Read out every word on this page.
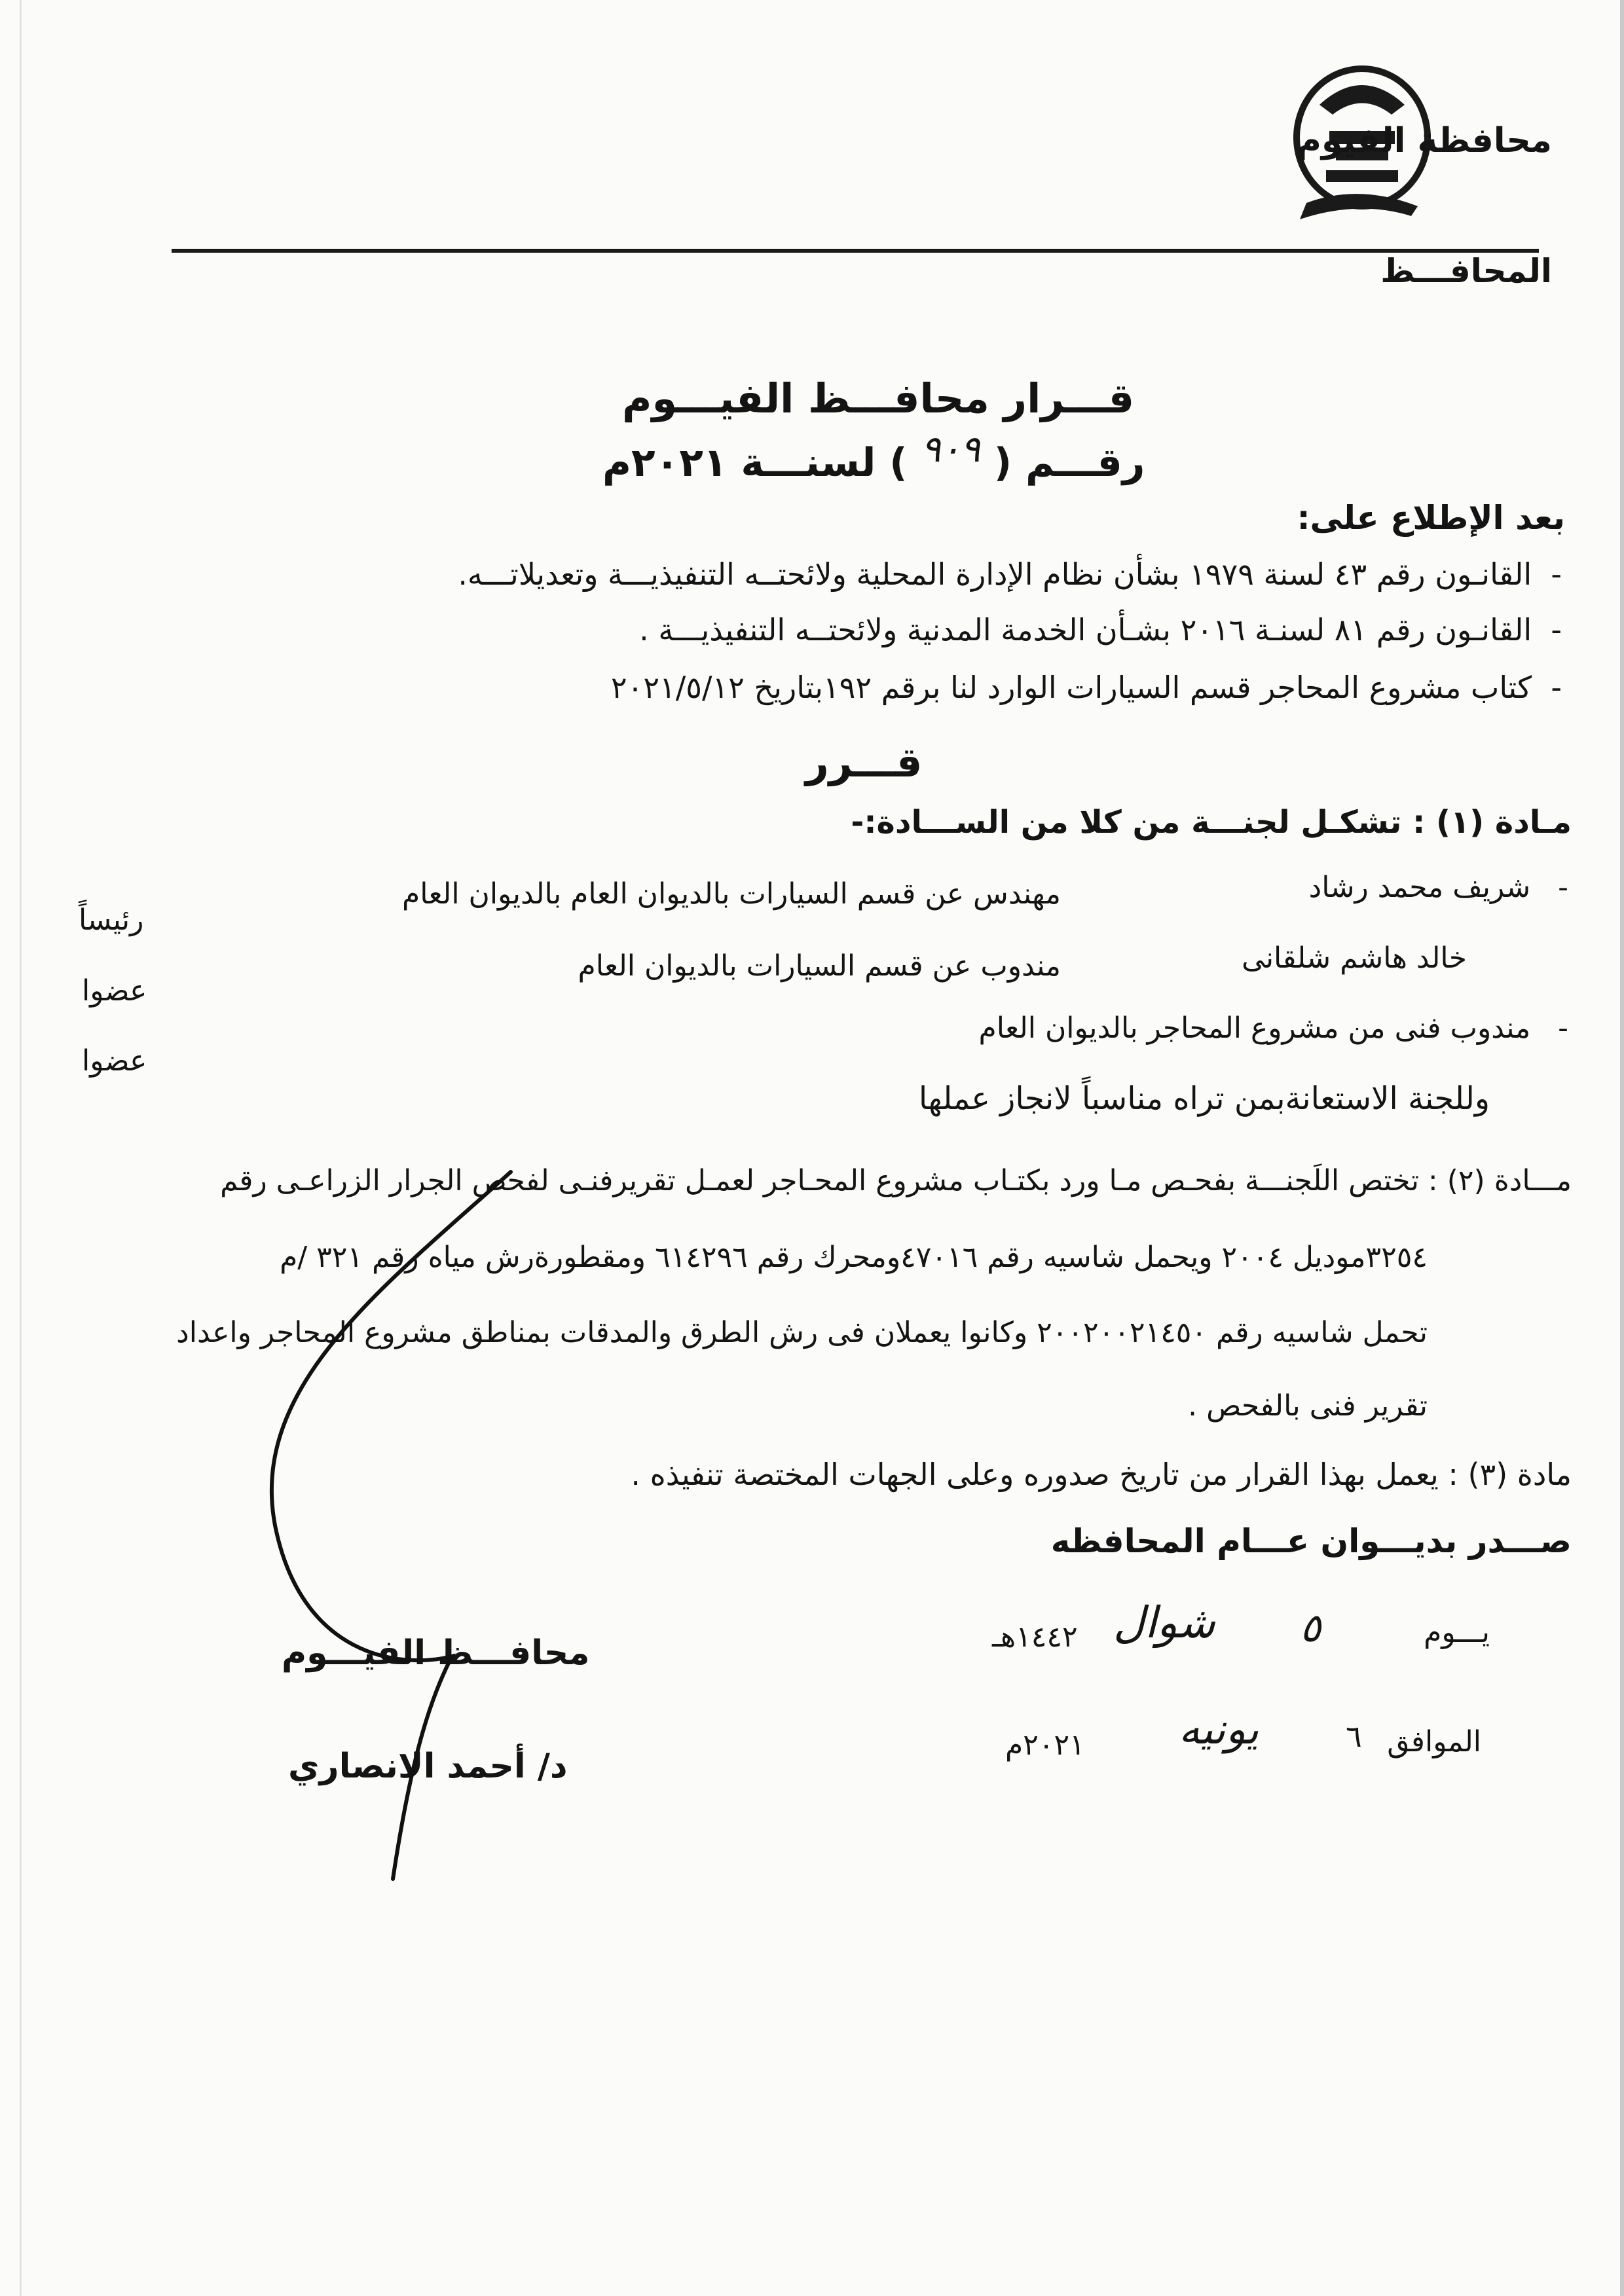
محافظة الفيوم
المحافـــظ
قـــرار محافـــظ الفيـــوم
رقـــم ( ٩٠٩ ) لسنـــة ٢٠٢١م
بعد الإطلاع على:
-  القانـون رقم ٤٣ لسنة ١٩٧٩ بشأن نظام الإدارة المحلية ولائحتــه التنفيذيـــة وتعديلاتـــه.
-  القانـون رقم ٨١ لسنـة ٢٠١٦ بشـأن الخدمة المدنية ولائحتــه التنفيذيـــة .
-  كتاب مشروع المحاجر قسم السيارات الوارد لنا برقم ١٩٢بتاريخ ٢٠٢١/٥/١٢
قـــرر
مـادة (١) : تشكـل لجنـــة من كلا من الســـادة:-
-   شريف محمد رشاد
مهندس عن قسم السيارات بالديوان العام بالديوان العام
رئيساً
خالد هاشم شلقانى
مندوب عن قسم السيارات بالديوان العام
عضوا
-   مندوب فنى من مشروع المحاجر بالديوان العام
عضوا
وللجنة الاستعانةبمن تراه مناسباً لانجاز عملها
مـــادة (٢) : تختص اللَجنـــة بفحـص مـا ورد بكتـاب مشروع المحـاجر لعمـل تقريرفنـى لفحص الجرار الزراعـى رقم
٣٢٥٤موديل ٢٠٠٤ ويحمل شاسيه رقم ٤٧٠١٦ومحرك رقم ٦١٤٢٩٦ ومقطورةرش مياه رقم ٣٢١ /م
تحمل شاسيه رقم ٢٠٠٢٠٠٢١٤٥٠ وكانوا يعملان فى رش الطرق والمدقات بمناطق مشروع المحاجر واعداد
تقرير فنى بالفحص .
مادة (٣) : يعمل بهذا القرار من تاريخ صدوره وعلى الجهات المختصة تنفيذه .
صـــدر بديـــوان عـــام المحافظه
يـــوم
٥
شوال
١٤٤٢هـ
الموافق
٦
يونيه
٢٠٢١م
محافـــظ الفيـــوم
د/ أحمد الانصاري
